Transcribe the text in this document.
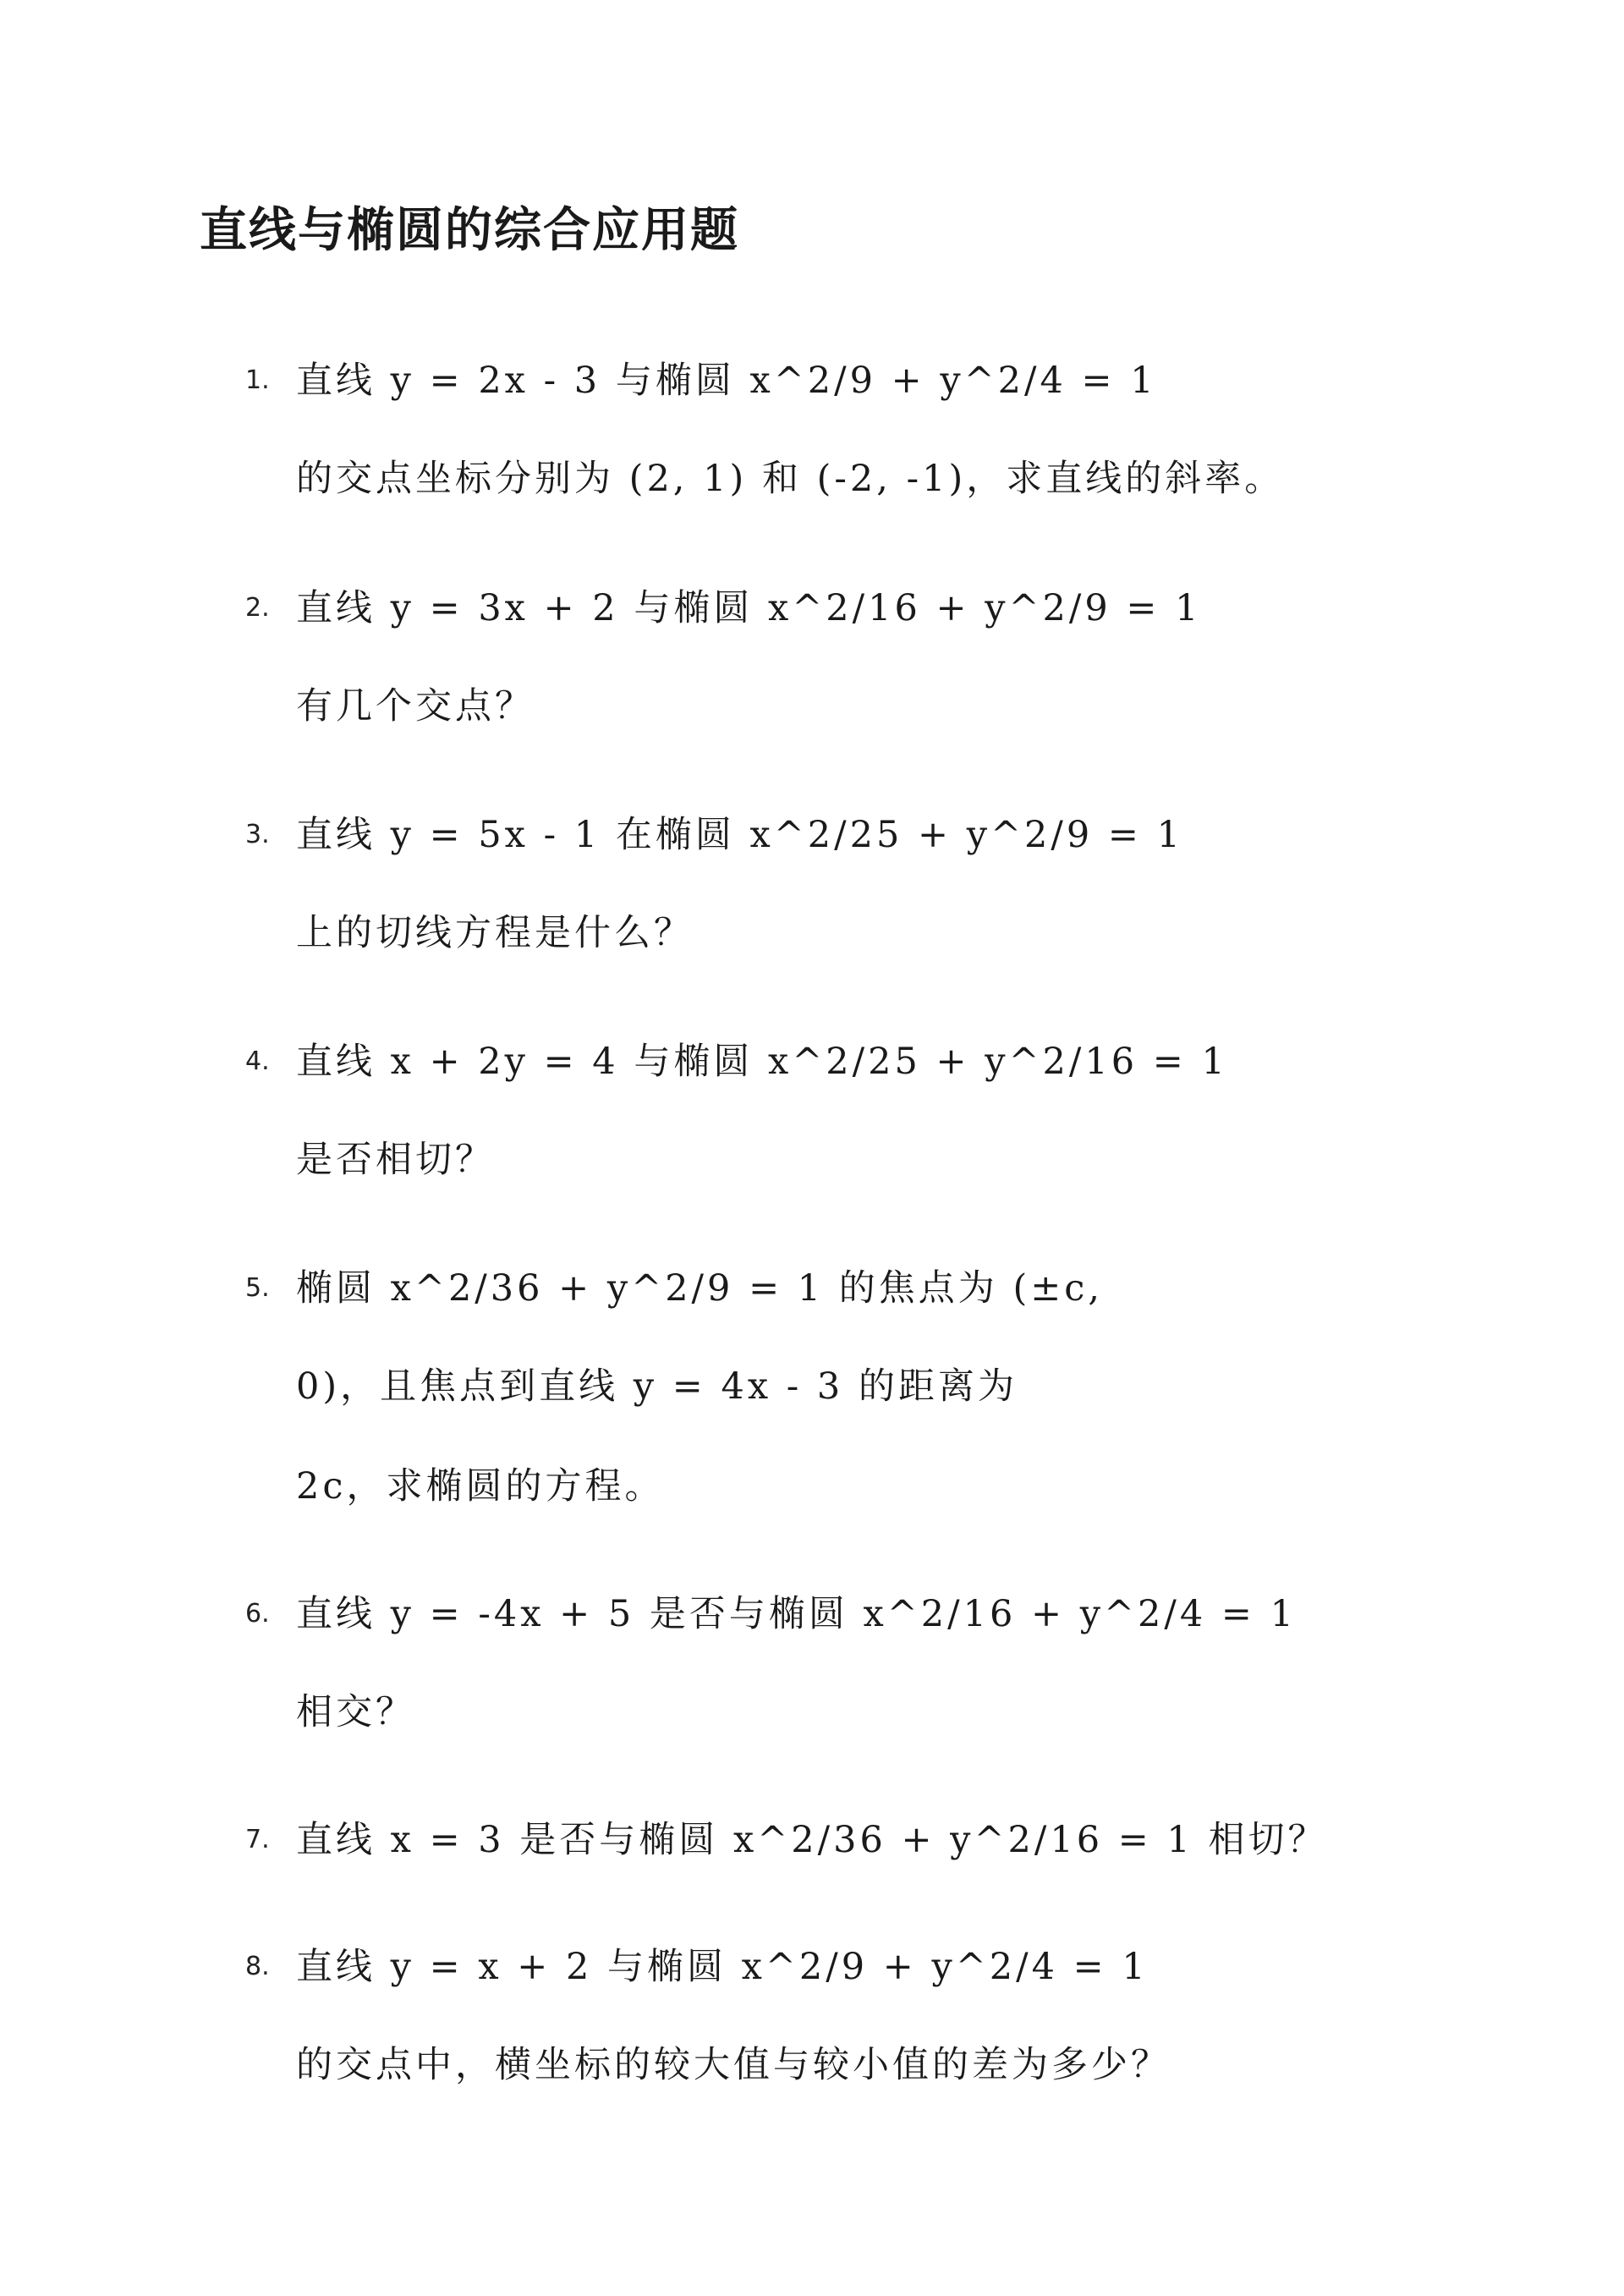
直线与椭圆的综合应用题
1. 直线 y = 2x - 3 与椭圆 x^2/9 + y^2/4 = 1
的交点坐标分别为 (2, 1) 和 (-2, -1)，求直线的斜率。
2. 直线 y = 3x + 2 与椭圆 x^2/16 + y^2/9 = 1
有几个交点？
3. 直线 y = 5x - 1 在椭圆 x^2/25 + y^2/9 = 1
上的切线方程是什么？
4. 直线 x + 2y = 4 与椭圆 x^2/25 + y^2/16 = 1
是否相切？
5. 椭圆 x^2/36 + y^2/9 = 1 的焦点为 (±c,
0)，且焦点到直线 y = 4x - 3 的距离为
2c，求椭圆的方程。
6. 直线 y = -4x + 5 是否与椭圆 x^2/16 + y^2/4 = 1
相交？
7. 直线 x = 3 是否与椭圆 x^2/36 + y^2/16 = 1 相切？
8. 直线 y = x + 2 与椭圆 x^2/9 + y^2/4 = 1
的交点中，横坐标的较大值与较小值的差为多少？
